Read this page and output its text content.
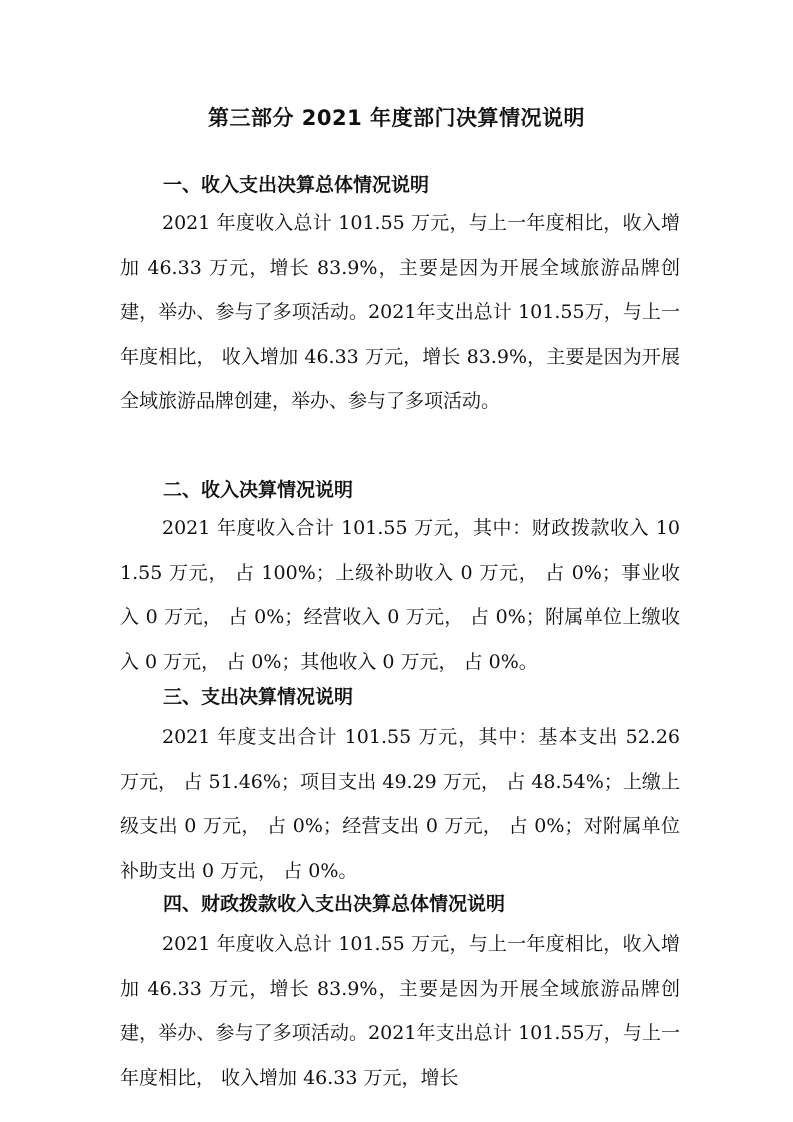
第三部分 2021 年度部门决算情况说明
一、收入支出决算总体情况说明
2021 年度收入总计 101.55 万元，与上一年度相比，收入增加 46.33 万元，增长 83.9%，主要是因为开展全域旅游品牌创建，举办、参与了多项活动。2021年支出总计 101.55万，与上一年度相比， 收入增加 46.33 万元，增长 83.9%，主要是因为开展全域旅游品牌创建，举办、参与了多项活动。
二、收入决算情况说明
2021 年度收入合计 101.55 万元，其中：财政拨款收入 101.55 万元， 占 100%；上级补助收入 0 万元， 占 0%；事业收入 0 万元， 占 0%；经营收入 0 万元， 占 0%；附属单位上缴收入 0 万元， 占 0%；其他收入 0 万元， 占 0%。
三、支出决算情况说明
2021 年度支出合计 101.55 万元，其中：基本支出 52.26 万元， 占 51.46%；项目支出 49.29 万元， 占 48.54%；上缴上级支出 0 万元， 占 0%；经营支出 0 万元， 占 0%；对附属单位补助支出 0 万元， 占 0%。
四、财政拨款收入支出决算总体情况说明
2021 年度收入总计 101.55 万元，与上一年度相比，收入增加 46.33 万元，增长 83.9%，主要是因为开展全域旅游品牌创建，举办、参与了多项活动。2021年支出总计 101.55万，与上一年度相比， 收入增加 46.33 万元，增长
